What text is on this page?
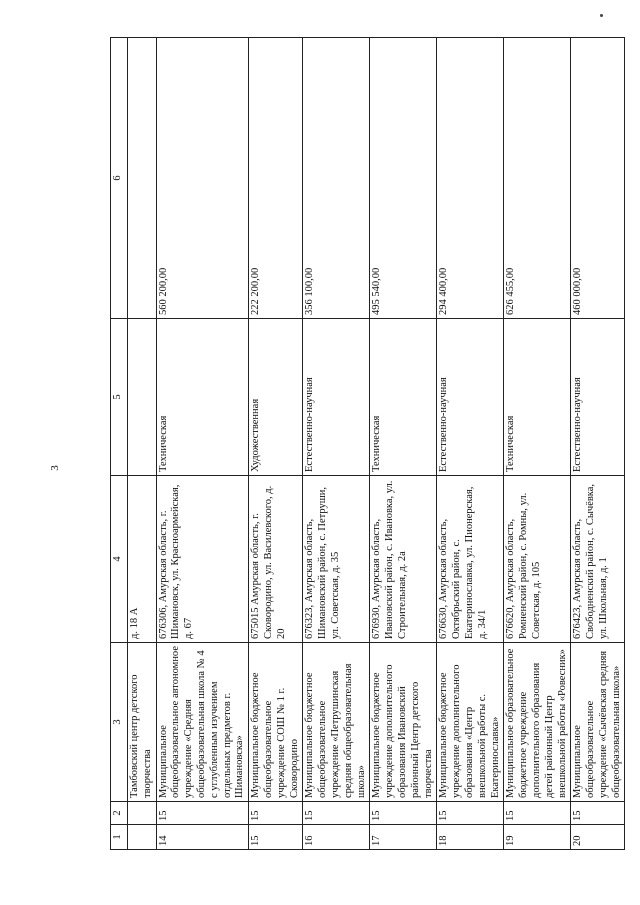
3
1	2	3	4	5	6
		Тамбовский центр детского творчества	д. 18 А		
14	15	Муниципальное общеобразовательное автономное учреждение «Средняя общеобразовательная школа № 4 с углубленным изучением отдельных предметов г. Шимановска»	676306, Амурская область, г. Шимановск, ул. Красноармейская, д. 67	Техническая	560 200,00
15	15	Муниципальное бюджетное общеобразовательное учреждение СОШ № 1 г. Сковородино	675015 Амурская область, г. Сковородино, ул. Василевского, д. 20	Художественная	222 200,00
16	15	Муниципальное бюджетное общеобразовательное учреждение «Петрушинская средняя общеобразовательная школа»	676323, Амурская область, Шимановский район, с. Петруши, ул. Советская, д. 35	Естественно-научная	356 100,00
17	15	Муниципальное бюджетное учреждение дополнительного образования Ивановский районный Центр детского творчества	676930, Амурская область, Ивановский район, с. Ивановка, ул. Строительная, д. 2а	Техническая	495 540,00
18	15	Муниципальное бюджетное учреждение дополнительного образования «Центр внешкольной работы с. Екатеринославка»	676630, Амурская область, Октябрьский район, с. Екатеринославка, ул. Пионерская, д. 34/1	Естественно-научная	294 400,00
19	15	Муниципальное образовательное бюджетное учреждение дополнительного образования детей районный Центр внешкольной работы «Ровесник»	676620, Амурская область, Ромненский район, с. Ромны, ул. Советская, д. 105	Техническая	626 455,00
20	15	Муниципальное общеобразовательное учреждение «Сычёвская средняя общеобразовательная школа»	676423, Амурская область, Свободненский район, с. Сычёвка, ул. Школьная, д. 1	Естественно-научная	460 000,00
